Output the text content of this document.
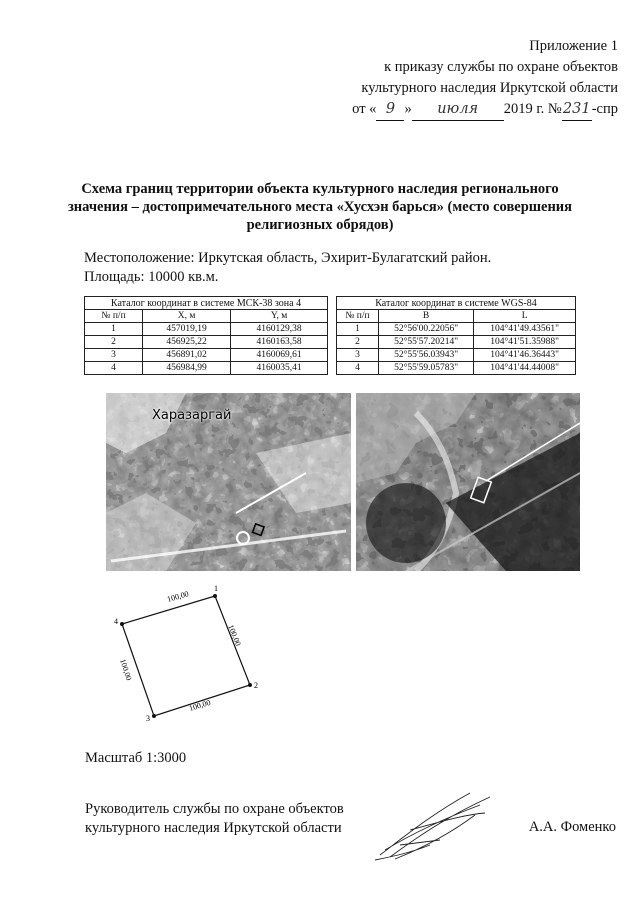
Приложение 1
к приказу службы по охране объектов
культурного наследия Иркутской области
от « 9 » июля 2019 г. №231-спр
Схема границ территории объекта культурного наследия регионального значения – достопримечательного места «Хусхэн барься» (место совершения религиозных обрядов)
Местоположение: Иркутская область, Эхирит-Булагатский район.
Площадь: 10000 кв.м.
Каталог координат в системе МСК-38 зона 4		
№ п/п	X, м	Y, м
1	457019,19	4160129,38
2	456925,22	4160163,58
3	456891,02	4160069,61
4	456984,99	4160035,41
Каталог координат в системе WGS-84		
№ п/п	B	L
1	52°56'00.22056"	104°41'49.43561"
2	52°55'57.20214"	104°41'51.35988"
3	52°55'56.03943"	104°41'46.36443"
4	52°55'59.05783"	104°41'44.44008"
Харазаргай
1
2
3
4
100,00
100,00
100,00
100,00
Масштаб 1:3000
Руководитель службы по охране объектов
культурного наследия Иркутской области	А.А. Фоменко
